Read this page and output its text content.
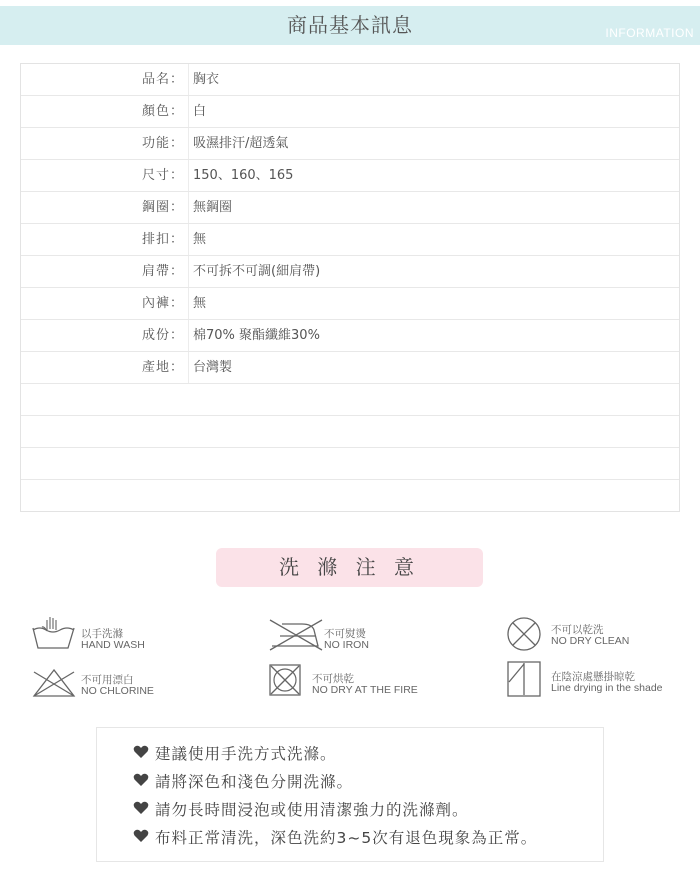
商品基本訊息	INFORMATION
品名： 胸衣
顏色： 白
功能： 吸濕排汗/超透氣
尺寸： 150、160、165
鋼圈： 無鋼圈
排扣： 無
肩帶： 不可拆不可調(細肩帶)
內褲： 無
成份： 棉70% 聚酯纖維30%
產地： 台灣製
洗 滌 注 意
以手洗滌
HAND WASH
不可熨燙
NO IRON
不可以乾洗
NO DRY CLEAN
不可用漂白
NO CHLORINE
不可烘乾
NO DRY AT THE FIRE
在陰涼處懸掛晾乾
Line drying in the shade
建議使用手洗方式洗滌。
請將深色和淺色分開洗滌。
請勿長時間浸泡或使用清潔強力的洗滌劑。
布料正常清洗，深色洗約3~5次有退色現象為正常。
